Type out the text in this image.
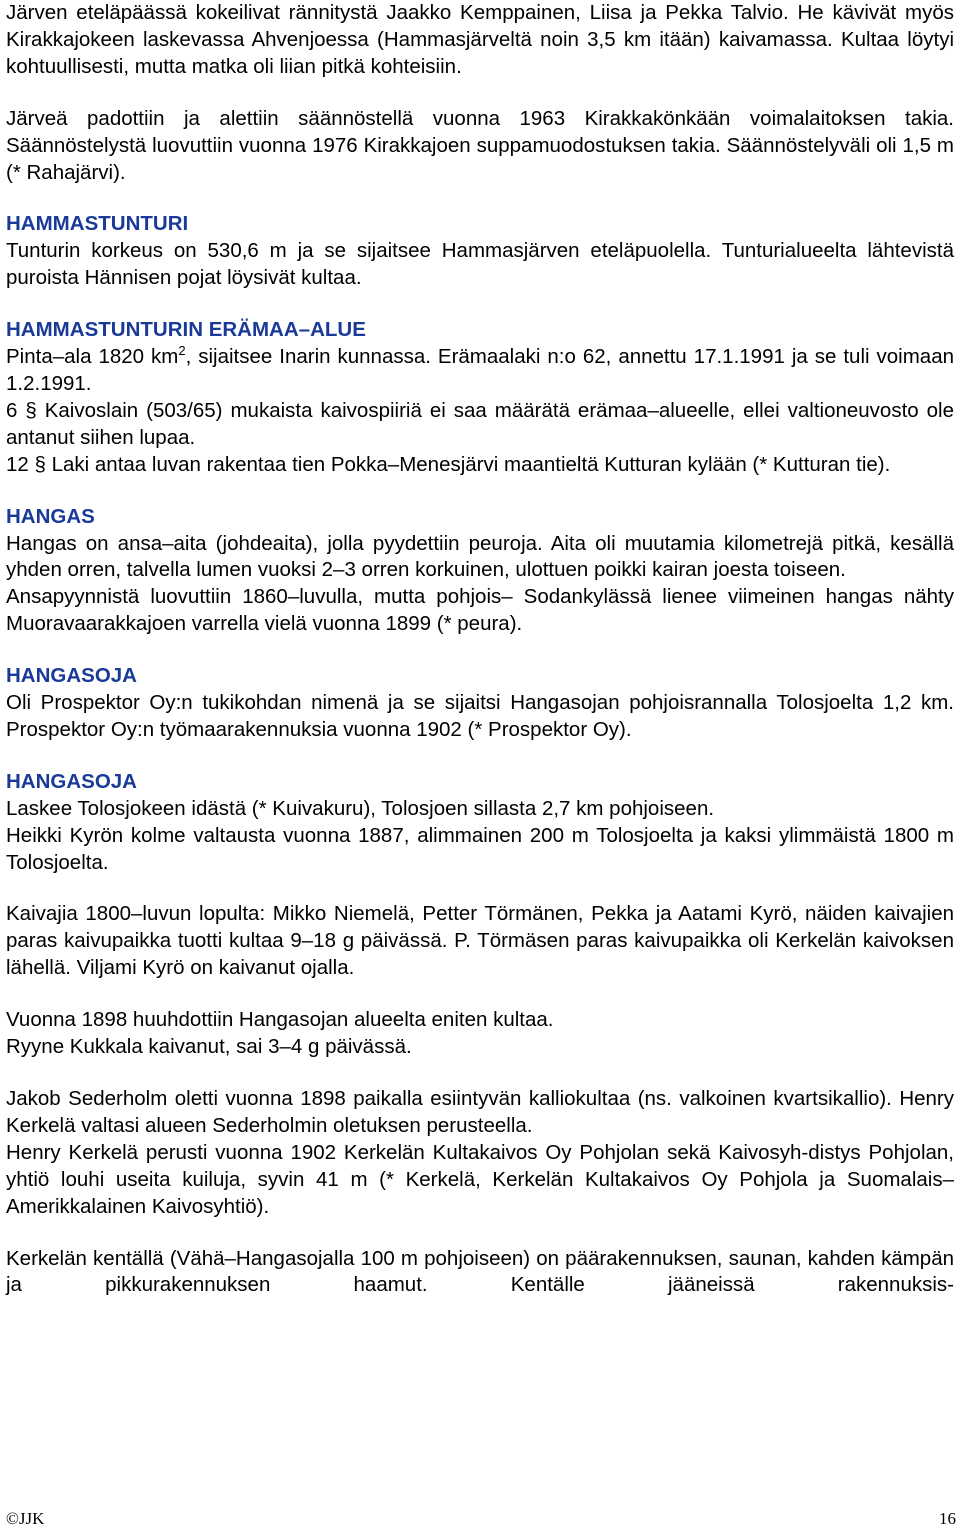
Järven eteläpäässä kokeilivat rännitystä Jaakko Kemppainen, Liisa ja Pekka Talvio. He kävivät myös Kirakkajokeen laskevassa Ahvenjoessa (Hammasjärveltä noin 3,5 km itään) kaivamassa. Kultaa löytyi kohtuullisesti, mutta matka oli liian pitkä kohteisiin.

Järveä padottiin ja alettiin säännöstellä vuonna 1963 Kirakkakönkään voimalaitoksen takia. Säännöstelystä luovuttiin vuonna 1976 Kirakkajoen suppamuodostuksen takia. Säännöstelyväli oli 1,5 m (* Rahajärvi).

HAMMASTUNTURI

Tunturin korkeus on 530,6 m ja se sijaitsee Hammasjärven eteläpuolella. Tunturialueelta lähtevistä puroista Hännisen pojat löysivät kultaa.

HAMMASTUNTURIN ERÄMAA–ALUE

Pinta–ala 1820 $km^2$, sijaitsee Inarin kunnassa. Erämaalaki n:o 62, annettu 17.1.1991 ja se tuli voimaan 1.2.1991.

6 § Kaivoslain (503/65) mukaista kaivospiiriä ei saa määrätä erämaa–alueelle, ellei valtioneuvosto ole antanut siihen lupaa.

12 § Laki antaa luvan rakentaa tien Pokka–Menesjärvi maantieltä Kutturan kylään (* Kutturan tie).

HANGAS

Hangas on ansa–aita (johdeaita), jolla pyydettiin peuroja. Aita oli muutamia kilometrejä pitkä, kesällä yhden orren, talvella lumen vuoksi 2–3 orren korkuinen, ulottuen poikki kairan joesta toiseen.

Ansapyynnistä luovuttiin 1860–luvulla, mutta pohjois– Sodankylässä lienee viimeinen hangas nähty Muoravaarakkajoen varrella vielä vuonna 1899 (* peura).

HANGASOJA

Oli Prospektor Oy:n tukikohdan nimenä ja se sijaitsi Hangasojan pohjoisrannalla Tolosjoelta 1,2 km. Prospektor Oy:n työmaarakennuksia vuonna 1902 (* Prospektor Oy).

HANGASOJA

Laskee Tolosjokeen idästä (* Kuivakuru), Tolosjoen sillasta 2,7 km pohjoiseen.

Heikki Kyrön kolme valtausta vuonna 1887, alimmainen 200 m Tolosjoelta ja kaksi ylimmäistä 1800 m Tolosjoelta.

Kaivajia 1800–luvun lopulta: Mikko Niemelä, Petter Törmänen, Pekka ja Aatami Kyrö, näiden kaivajien paras kaivupaikka tuotti kultaa 9–18 g päivässä. P. Törmäsen paras kaivupaikka oli Kerkelän kaivoksen lähellä. Viljami Kyrö on kaivanut ojalla.

Vuonna 1898 huuhdottiin Hangasojan alueelta eniten kultaa.

Ryyne Kukkala kaivanut, sai 3–4 g päivässä.

Jakob Sederholm oletti vuonna 1898 paikalla esiintyvän kalliokultaa (ns. valkoinen kvartsikallio). Henry Kerkelä valtasi alueen Sederholmin oletuksen perusteella.

Henry Kerkelä perusti vuonna 1902 Kerkelän Kultakaivos Oy Pohjolan sekä Kaivosyh-distys Pohjolan, yhtiö louhi useita kuiluja, syvin 41 m (* Kerkelä, Kerkelän Kultakaivos Oy Pohjola ja Suomalais–Amerikkalainen Kaivosyhtiö).

Kerkelän kentällä (Vähä–Hangasojalla 100 m pohjoiseen) on päärakennuksen, saunan, kahden kämpän ja pikkurakennuksen haamut. Kentälle jääneissä rakennuksis-

©JJK	16
